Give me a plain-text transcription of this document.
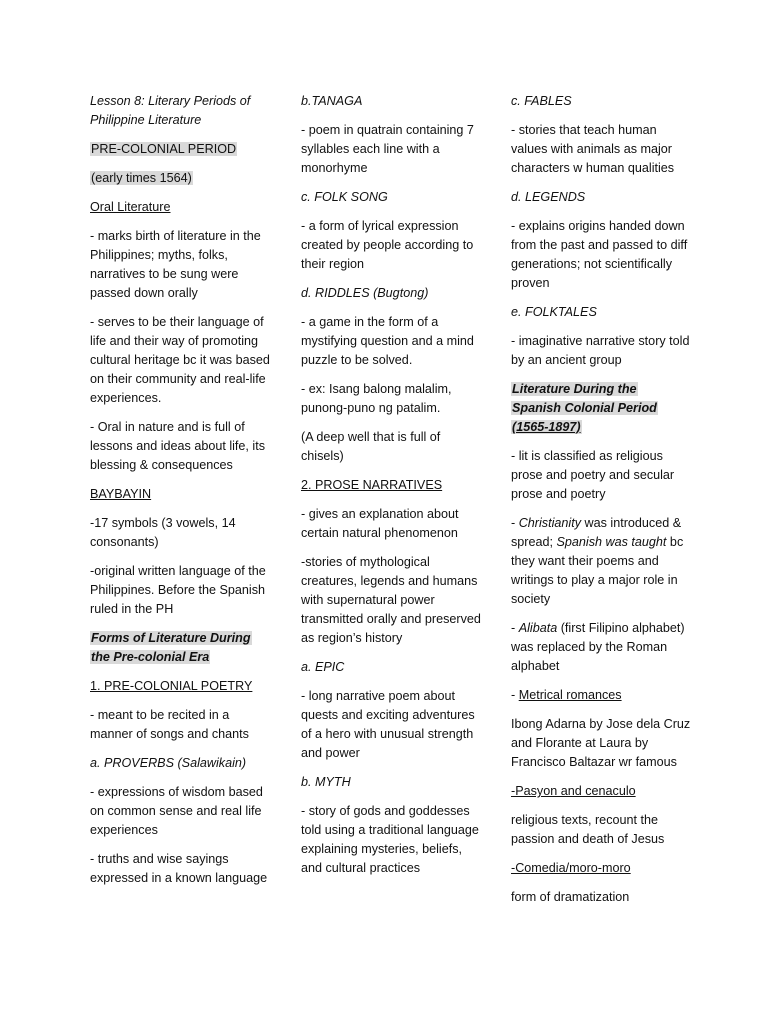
Lesson 8: Literary Periods of Philippine Literature

PRE-COLONIAL PERIOD

(early times 1564)

Oral Literature

- marks birth of literature in the Philippines; myths, folks, narratives to be sung were passed down orally

- serves to be their language of life and their way of promoting cultural heritage bc it was based on their community and real-life experiences.

- Oral in nature and is full of lessons and ideas about life, its blessing & consequences

BAYBAYIN

-17 symbols (3 vowels, 14 consonants)

-original written language of the Philippines. Before the Spanish ruled in the PH

Forms of Literature During
the Pre-colonial Era

1. PRE-COLONIAL POETRY

- meant to be recited in a manner of songs and chants

a. PROVERBS (Salawikain)

- expressions of wisdom based on common sense and real life experiences

- truths and wise sayings expressed in a known language

b.TANAGA

- poem in quatrain containing 7 syllables each line with a monorhyme

c. FOLK SONG

- a form of lyrical expression created by people according to their region

d. RIDDLES (Bugtong)

- a game in the form of a mystifying question and a mind puzzle to be solved.

- ex: Isang balong malalim, punong-puno ng patalim.

(A deep well that is full of chisels)

2. PROSE NARRATIVES

- gives an explanation about certain natural phenomenon

-stories of mythological creatures, legends and humans with supernatural power transmitted orally and preserved as region’s history

a. EPIC

- long narrative poem about quests and exciting adventures of a hero with unusual strength and power

b. MYTH

- story of gods and goddesses told using a traditional language explaining mysteries, beliefs, and cultural practices

c. FABLES

- stories that teach human values with animals as major characters w human qualities

d. LEGENDS

- explains origins handed down from the past and passed to diff generations; not scientifically proven

e. FOLKTALES

- imaginative narrative story told by an ancient group

Literature During the
Spanish Colonial Period
(1565-1897)

- lit is classified as religious prose and poetry and secular prose and poetry

- Christianity was introduced & spread; Spanish was taught bc they want their poems and writings to play a major role in society

- Alibata (first Filipino alphabet) was replaced by the Roman alphabet

- Metrical romances

Ibong Adarna by Jose dela Cruz and Florante at Laura by Francisco Baltazar wr famous

-Pasyon and cenaculo

religious texts, recount the passion and death of Jesus

-Comedia/moro-moro

form of dramatization
